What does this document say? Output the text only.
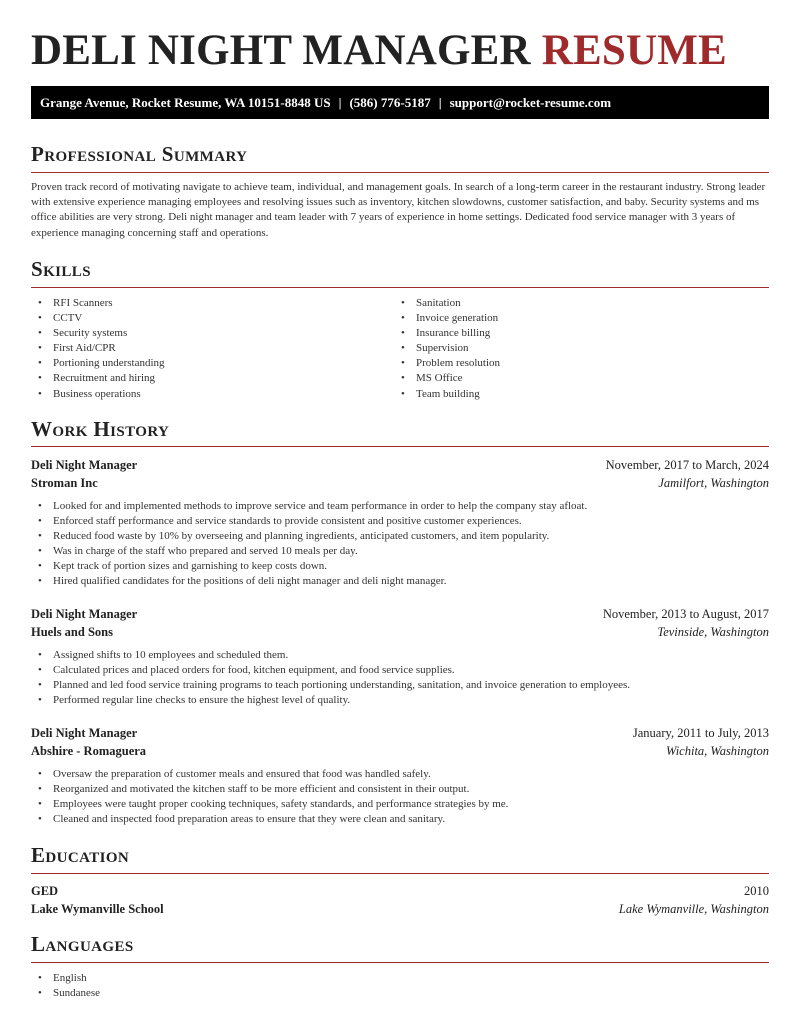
DELI NIGHT MANAGER RESUME
Grange Avenue, Rocket Resume, WA 10151-8848 US | (586) 776-5187 | support@rocket-resume.com
Professional Summary

Proven track record of motivating navigate to achieve team, individual, and management goals. In search of a long-term career in the restaurant industry. Strong leader with extensive experience managing employees and resolving issues such as inventory, kitchen slowdowns, customer satisfaction, and baby. Security systems and ms office abilities are very strong. Deli night manager and team leader with 7 years of experience in home settings. Dedicated food service manager with 3 years of experience managing concerning staff and operations.

Skills
• RFI Scanners
• CCTV
• Security systems
• First Aid/CPR
• Portioning understanding
• Recruitment and hiring
• Business operations
• Sanitation
• Invoice generation
• Insurance billing
• Supervision
• Problem resolution
• MS Office
• Team building
Work History
Deli Night Manager	November, 2017 to March, 2024
Stroman Inc	Jamilfort, Washington
• Looked for and implemented methods to improve service and team performance in order to help the company stay afloat.
• Enforced staff performance and service standards to provide consistent and positive customer experiences.
• Reduced food waste by 10% by overseeing and planning ingredients, anticipated customers, and item popularity.
• Was in charge of the staff who prepared and served 10 meals per day.
• Kept track of portion sizes and garnishing to keep costs down.
• Hired qualified candidates for the positions of deli night manager and deli night manager.
Deli Night Manager	November, 2013 to August, 2017
Huels and Sons	Tevinside, Washington
• Assigned shifts to 10 employees and scheduled them.
• Calculated prices and placed orders for food, kitchen equipment, and food service supplies.
• Planned and led food service training programs to teach portioning understanding, sanitation, and invoice generation to employees.
• Performed regular line checks to ensure the highest level of quality.
Deli Night Manager	January, 2011 to July, 2013
Abshire - Romaguera	Wichita, Washington
• Oversaw the preparation of customer meals and ensured that food was handled safely.
• Reorganized and motivated the kitchen staff to be more efficient and consistent in their output.
• Employees were taught proper cooking techniques, safety standards, and performance strategies by me.
• Cleaned and inspected food preparation areas to ensure that they were clean and sanitary.
Education
GED	2010
Lake Wymanville School	Lake Wymanville, Washington
Languages
• English
• Sundanese
